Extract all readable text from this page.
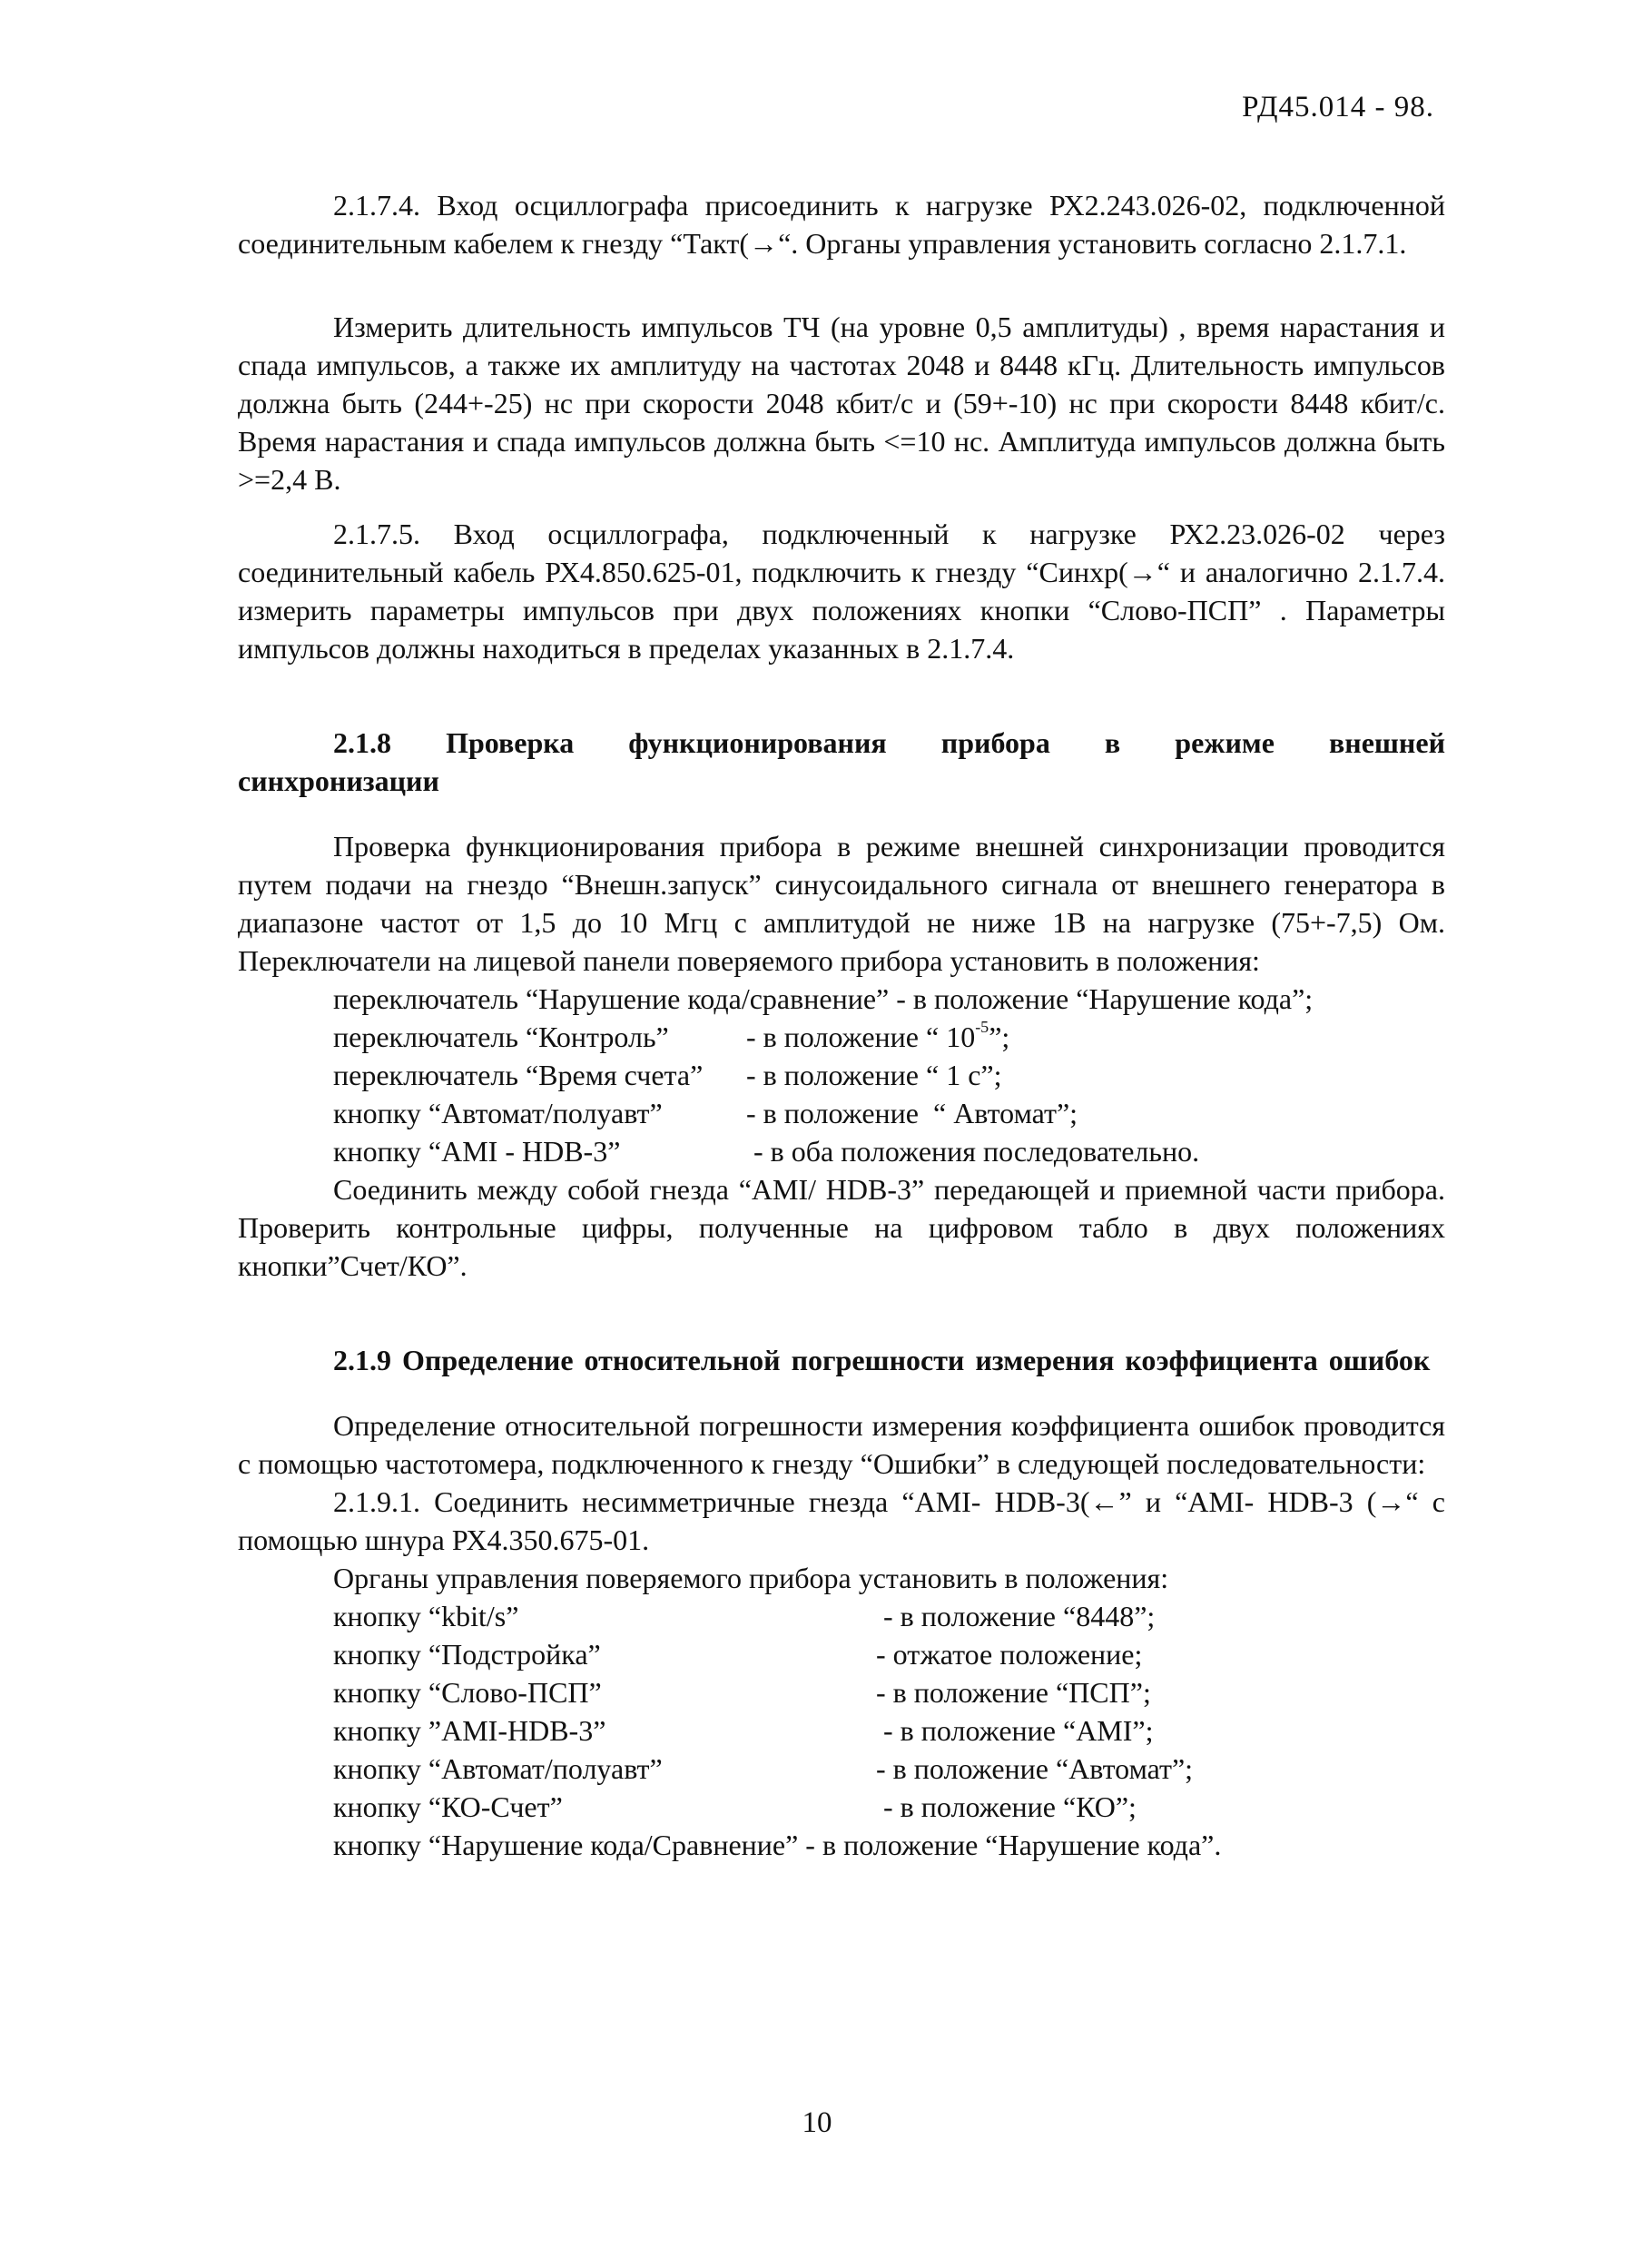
РД45.014 - 98.

2.1.7.4. Вход осциллографа присоединить к нагрузке РХ2.243.026-02, подключенной соединительным кабелем к гнезду “Такт(→“. Органы управления установить согласно 2.1.7.1.

Измерить длительность импульсов ТЧ (на уровне 0,5 амплитуды) , время нарастания и спада импульсов, а также их амплитуду на частотах 2048 и 8448 кГц. Длительность импульсов должна быть (244+-25) нс при скорости 2048 кбит/с и (59+-10) нс при скорости 8448 кбит/с. Время нарастания и спада импульсов должна быть <=10 нс. Амплитуда импульсов должна быть >=2,4 В.

2.1.7.5. Вход осциллографа, подключенный к нагрузке РХ2.23.026-02 через соединительный кабель РХ4.850.625-01, подключить к гнезду “Синхр(→“ и аналогично 2.1.7.4. измерить параметры импульсов при двух положениях кнопки “Слово-ПСП” . Параметры импульсов должны находиться в пределах указанных в 2.1.7.4.

2.1.8 Проверка функционирования прибора в режиме внешней синхронизации

Проверка функционирования прибора в режиме внешней синхронизации проводится путем подачи на гнездо “Внешн.запуск” синусоидального сигнала от внешнего генератора в диапазоне частот от 1,5 до 10 Мгц с амплитудой не ниже 1В на нагрузке (75+-7,5) Ом. Переключатели на лицевой панели поверяемого прибора установить в положения:

переключатель “Нарушение кода/сравнение” - в положение “Нарушение кода”;
переключатель “Контроль”	- в положение “ $10^{-5}$”;
переключатель “Время счета”	- в положение “ 1 с”;
кнопку “Автомат/полуавт”	- в положение  “ Автомат”;
кнопку “AMI - HDB-3”	- в оба положения последовательно.

Соединить между собой гнезда “AMI/ HDB-3” передающей и приемной части прибора. Проверить контрольные цифры, полученные на цифровом табло в двух положениях кнопки”Счет/КО”.

2.1.9 Определение относительной погрешности измерения коэффициента ошибок

Определение относительной погрешности измерения коэффициента ошибок проводится с помощью частотомера, подключенного к гнезду “Ошибки” в следующей последовательности:

2.1.9.1. Соединить несимметричные гнезда “AMI- HDB-3(←” и “AMI- HDB-3 (→“ с помощью шнура РХ4.350.675-01.

Органы управления поверяемого прибора установить в положения:

кнопку “kbit/s”	- в положение “8448”;
кнопку “Подстройка”	- отжатое положение;
кнопку “Слово-ПСП”	- в положение “ПСП”;
кнопку ”AMI-HDB-3”	- в положение “AMI”;
кнопку “Автомат/полуавт”	- в положение “Автомат”;
кнопку “КО-Счет”	- в положение “КО”;
кнопку “Нарушение кода/Сравнение” - в положение “Нарушение кода”.
10
